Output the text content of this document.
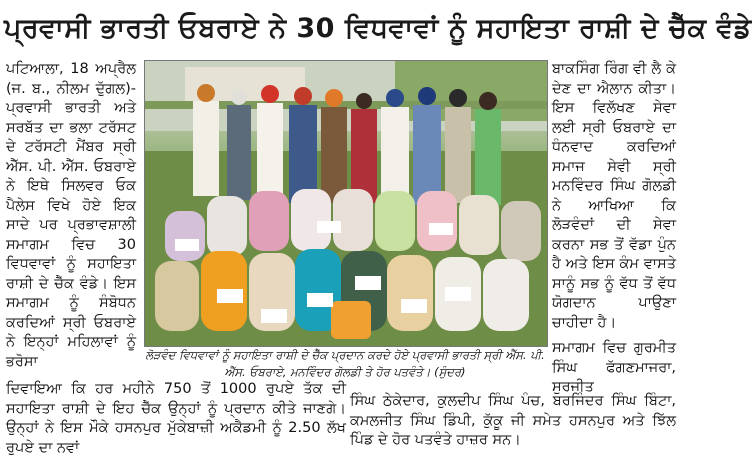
ਪ੍ਰਵਾਸੀ ਭਾਰਤੀ ਓਬਰਾਏ ਨੇ 30 ਵਿਧਵਾਵਾਂ ਨੂੰ ਸਹਾਇਤਾ ਰਾਸ਼ੀ ਦੇ ਚੈੱਕ ਵੰਡੇ
ਪਟਿਆਲਾ, 18 ਅਪ੍ਰੈਲ (ਜ. ਬ., ਨੀਲਮ ਦੁੱਗਲ)- ਪ੍ਰਵਾਸੀ ਭਾਰਤੀ ਅਤੇ ਸਰਬੱਤ ਦਾ ਭਲਾ ਟਰੱਸਟ ਦੇ ਟਰੱਸਟੀ ਮੈਂਬਰ ਸ੍ਰੀ ਐੱਸ. ਪੀ. ਐੱਸ. ਓਬਰਾਏ ਨੇ ਇਥੇ ਸਿਲਵਰ ਓਕ ਪੈਲੇਸ ਵਿਖੇ ਹੋਏ ਇਕ ਸਾਦੇ ਪਰ ਪ੍ਰਭਾਵਸ਼ਾਲੀ ਸਮਾਗਮ ਵਿਚ 30 ਵਿਧਵਾਵਾਂ ਨੂੰ ਸਹਾਇਤਾ ਰਾਸ਼ੀ ਦੇ ਚੈੱਕ ਵੰਡੇ। ਇਸ ਸਮਾਗਮ ਨੂੰ ਸੰਬੋਧਨ ਕਰਦਿਆਂ ਸ੍ਰੀ ਓਬਰਾਏ ਨੇ ਇਨ੍ਹਾਂ ਮਹਿਲਾਵਾਂ ਨੂੰ ਭਰੋਸਾ	ਲੋੜਵੰਦ ਵਿਧਵਾਵਾਂ ਨੂੰ ਸਹਾਇਤਾ ਰਾਸ਼ੀ ਦੇ ਚੈੱਕ ਪ੍ਰਦਾਨ ਕਰਦੇ ਹੋਏ ਪ੍ਰਵਾਸੀ ਭਾਰਤੀ ਸ੍ਰੀ ਐੱਸ. ਪੀ. ਐੱਸ. ਓਬਰਾਏ, ਮਨਵਿੰਦਰ ਗੋਲਡੀ ਤੇ ਹੋਰ ਪਤਵੰਤੇ। (ਸੁੰਦਰ)
ਬਾਕਸਿੰਗ ਰਿੰਗ ਵੀ ਲੈ ਕੇ ਦੇਣ ਦਾ ਐਲਾਨ ਕੀਤਾ। ਇਸ ਵਿਲੱਖਣ ਸੇਵਾ ਲਈ ਸ੍ਰੀ ਓਬਰਾਏ ਦਾ ਧੰਨਵਾਦ ਕਰਦਿਆਂ ਸਮਾਜ ਸੇਵੀ ਸ੍ਰੀ ਮਨਵਿੰਦਰ ਸਿੰਘ ਗੋਲਡੀ ਨੇ ਆਖਿਆ ਕਿ ਲੋੜਵੰਦਾਂ ਦੀ ਸੇਵਾ ਕਰਨਾ ਸਭ ਤੋਂ ਵੱਡਾ ਪੁੰਨ ਹੈ ਅਤੇ ਇਸ ਕੰਮ ਵਾਸਤੇ ਸਾਨੂੰ ਸਭ ਨੂੰ ਵੱਧ ਤੋਂ ਵੱਧ ਯੋਗਦਾਨ ਪਾਉਣਾ ਚਾਹੀਦਾ ਹੈ।
ਸਮਾਗਮ ਵਿਚ ਗੁਰਮੀਤ ਸਿੰਘ ਫੱਗਣਮਾਜਰਾ, ਸੁਰਜੀਤ
ਦਿਵਾਇਆ ਕਿ ਹਰ ਮਹੀਨੇ 750 ਤੋਂ 1000 ਰੁਪਏ ਤੱਕ ਦੀ ਸਹਾਇਤਾ ਰਾਸ਼ੀ ਦੇ ਇਹ ਚੈੱਕ ਉਨ੍ਹਾਂ ਨੂੰ ਪ੍ਰਦਾਨ ਕੀਤੇ ਜਾਣਗੇ। ਉਨ੍ਹਾਂ ਨੇ ਇਸ ਮੌਕੇ ਹਸਨਪੁਰ ਮੁੱਕੇਬਾਜ਼ੀ ਅਕੈਡਮੀ ਨੂੰ 2.50 ਲੱਖ ਰੁਪਏ ਦਾ ਨਵਾਂ
ਸਿੰਘ ਠੇਕੇਦਾਰ, ਕੁਲਦੀਪ ਸਿੰਘ ਪੰਚ, ਬਰਜਿੰਦਰ ਸਿੰਘ ਬਿੰਟਾ, ਕਮਲਜੀਤ ਸਿੰਘ ਡਿੰਪੀ, ਕੁੱਕੂ ਜੀ ਸਮੇਤ ਹਸਨਪੁਰ ਅਤੇ ਝਿੱਲ ਪਿੰਡ ਦੇ ਹੋਰ ਪਤਵੰਤੇ ਹਾਜ਼ਰ ਸਨ।
